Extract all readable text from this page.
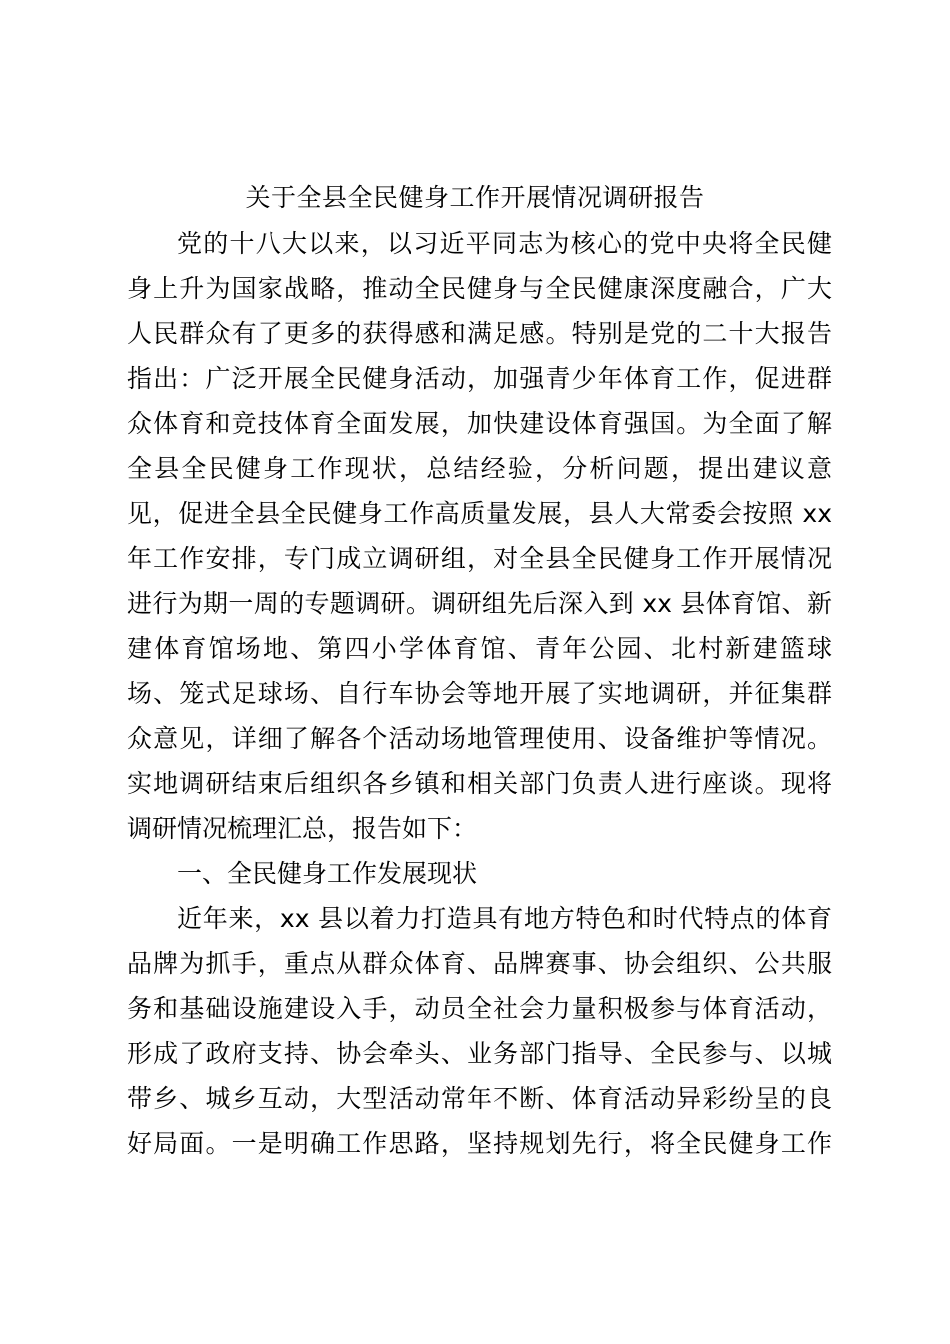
关于全县全民健身工作开展情况调研报告
党的十八大以来，以习近平同志为核心的党中央将全民健
身上升为国家战略，推动全民健身与全民健康深度融合，广大
人民群众有了更多的获得感和满足感。特别是党的二十大报告
指出：广泛开展全民健身活动，加强青少年体育工作，促进群
众体育和竞技体育全面发展，加快建设体育强国。为全面了解
全县全民健身工作现状，总结经验，分析问题，提出建议意
见，促进全县全民健身工作高质量发展，县人大常委会按照 xx
年工作安排，专门成立调研组，对全县全民健身工作开展情况
进行为期一周的专题调研。调研组先后深入到 xx 县体育馆、新
建体育馆场地、第四小学体育馆、青年公园、北村新建篮球
场、笼式足球场、自行车协会等地开展了实地调研，并征集群
众意见，详细了解各个活动场地管理使用、设备维护等情况。
实地调研结束后组织各乡镇和相关部门负责人进行座谈。现将
调研情况梳理汇总，报告如下：
一、全民健身工作发展现状
近年来，xx 县以着力打造具有地方特色和时代特点的体育
品牌为抓手，重点从群众体育、品牌赛事、协会组织、公共服
务和基础设施建设入手，动员全社会力量积极参与体育活动，
形成了政府支持、协会牵头、业务部门指导、全民参与、以城
带乡、城乡互动，大型活动常年不断、体育活动异彩纷呈的良
好局面。一是明确工作思路，坚持规划先行，将全民健身工作
